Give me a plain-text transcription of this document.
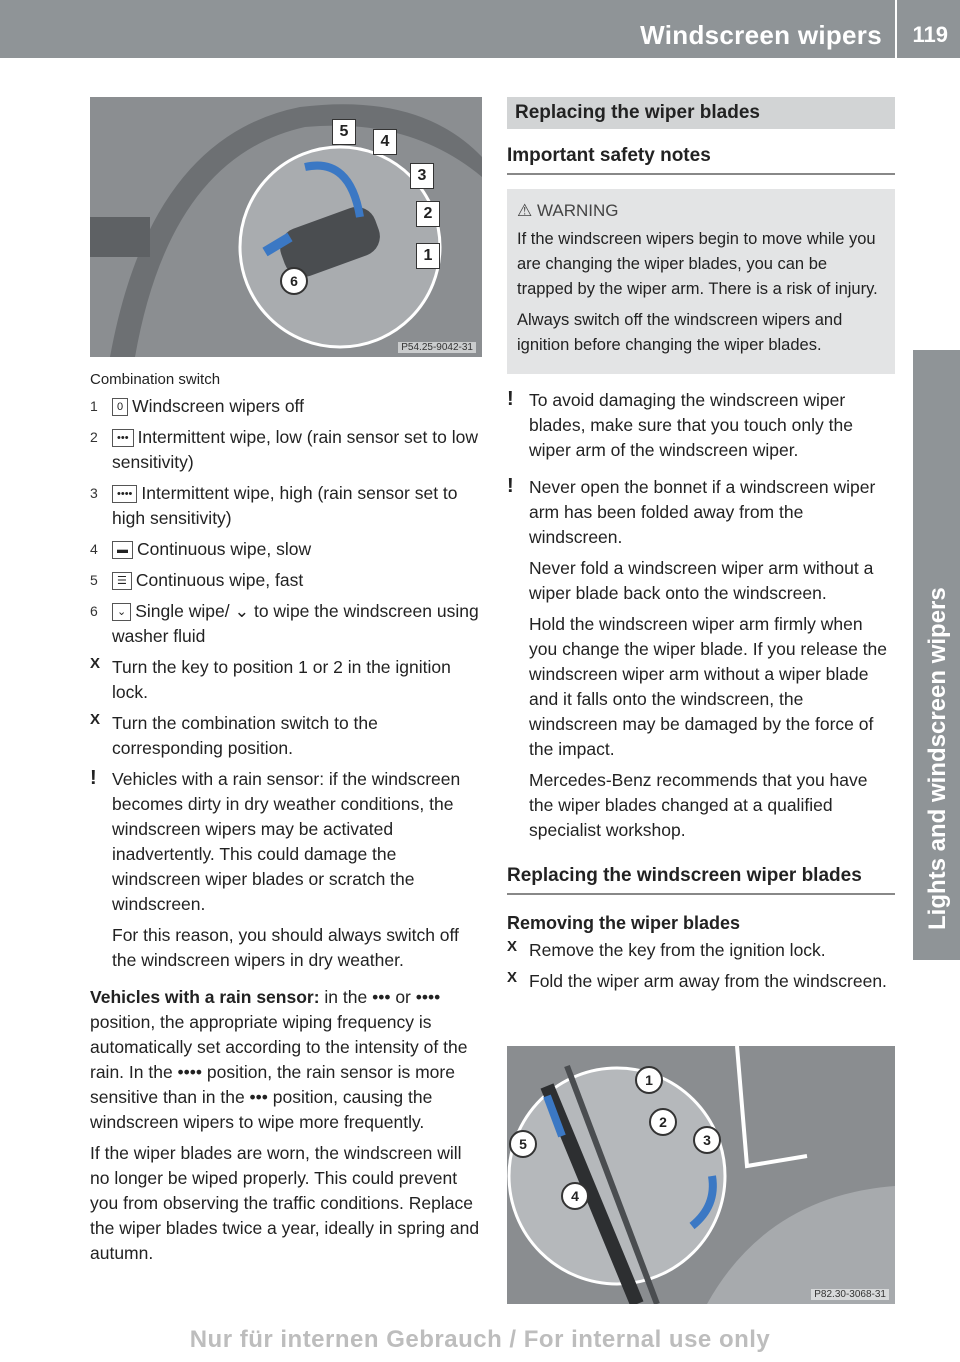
Windscreen wipers 119
5
4
3
2
1
6
P54.25-9042-31
Combination switch
1	0 Windscreen wipers off
2	••• Intermittent wipe, low (rain sensor set to low sensitivity)
3	•••• Intermittent wipe, high (rain sensor set to high sensitivity)
4	▬ Continuous wipe, slow
5	☰ Continuous wipe, fast
6	⌄ Single wipe/ ⌄ to wipe the windscreen using washer fluid
X Turn the key to position 1 or 2 in the ignition lock.

X Turn the combination switch to the corresponding position.

! Vehicles with a rain sensor: if the windscreen becomes dirty in dry weather conditions, the windscreen wipers may be activated inadvertently. This could damage the windscreen wiper blades or scratch the windscreen.

For this reason, you should always switch off the windscreen wipers in dry weather.

Vehicles with a rain sensor: in the ••• or •••• position, the appropriate wiping frequency is automatically set according to the intensity of the rain. In the •••• position, the rain sensor is more sensitive than in the ••• position, causing the windscreen wipers to wipe more frequently.

If the wiper blades are worn, the windscreen will no longer be wiped properly. This could prevent you from observing the traffic conditions. Replace the wiper blades twice a year, ideally in spring and autumn.

Replacing the wiper blades
Important safety notes
⚠ WARNING

If the windscreen wipers begin to move while you are changing the wiper blades, you can be trapped by the wiper arm. There is a risk of injury.

Always switch off the windscreen wipers and ignition before changing the wiper blades.

! To avoid damaging the windscreen wiper blades, make sure that you touch only the wiper arm of the windscreen wiper.

! Never open the bonnet if a windscreen wiper arm has been folded away from the windscreen.

Never fold a windscreen wiper arm without a wiper blade back onto the windscreen.

Hold the windscreen wiper arm firmly when you change the wiper blade. If you release the windscreen wiper arm without a wiper blade and it falls onto the windscreen, the windscreen may be damaged by the force of the impact.

Mercedes-Benz recommends that you have the wiper blades changed at a qualified specialist workshop.

Replacing the windscreen wiper blades
Removing the wiper blades
X Remove the key from the ignition lock.

X Fold the wiper arm away from the windscreen.

1
2
3
4
5
P82.30-3068-31
Nur für internen Gebrauch / For internal use only
